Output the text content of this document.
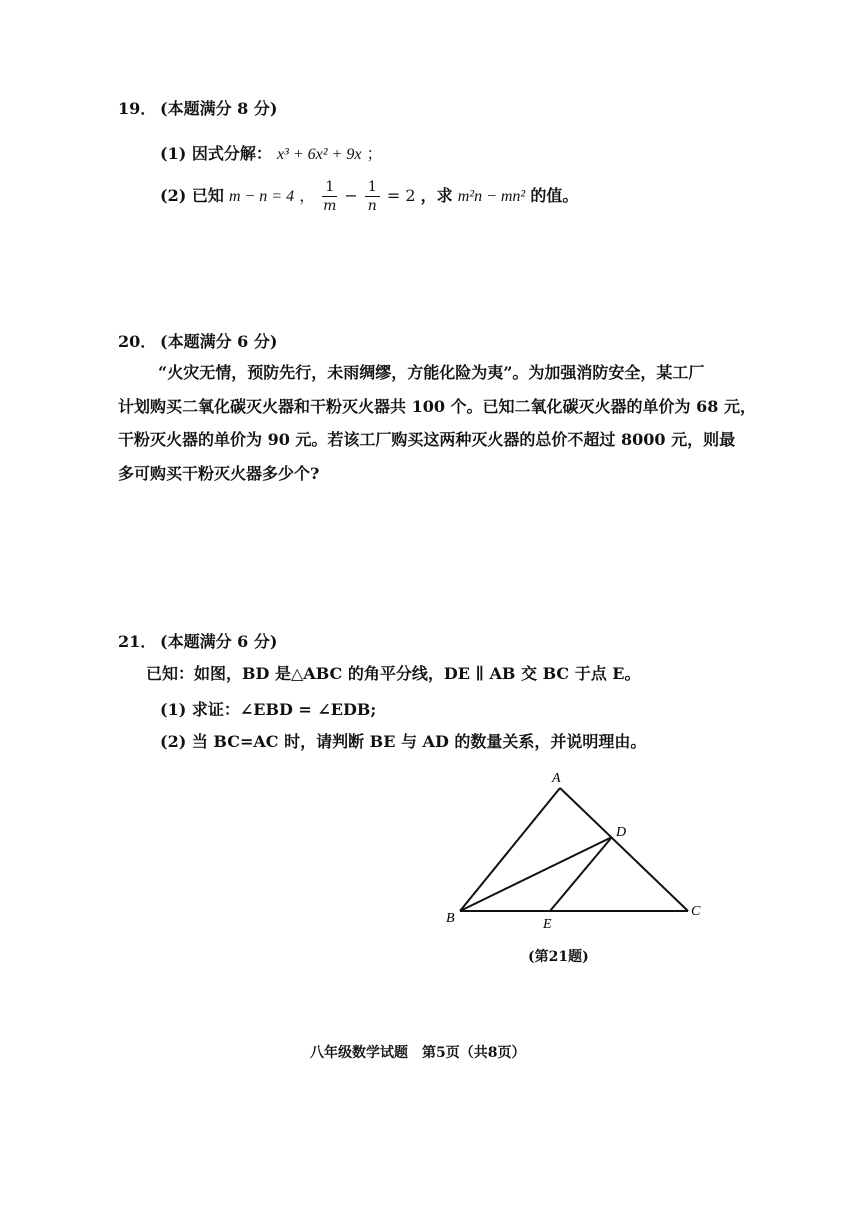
19． (本题满分 8 分)
(1) 因式分解： x³ + 6x² + 9x ；
(2) 已知 m − n = 4 ， $\frac{1}{m} - \frac{1}{n} = 2$ ，求 m²n − mn² 的值。
20． (本题满分 6 分)
“火灾无情，预防先行，未雨绸缪，方能化险为夷”。为加强消防安全，某工厂
计划购买二氧化碳灭火器和干粉灭火器共 100 个。已知二氧化碳灭火器的单价为 68 元，
干粉灭火器的单价为 90 元。若该工厂购买这两种灭火器的总价不超过 8000 元，则最
多可购买干粉灭火器多少个?
21． (本题满分 6 分)
已知：如图，BD 是△ABC 的角平分线，DE ∥ AB 交 BC 于点 E。
(1) 求证：∠EBD = ∠EDB;
(2) 当 BC=AC 时，请判断 BE 与 AD 的数量关系，并说明理由。
A
B	C
D
E
(第21题)
八年级数学试题　第5页（共8页）
